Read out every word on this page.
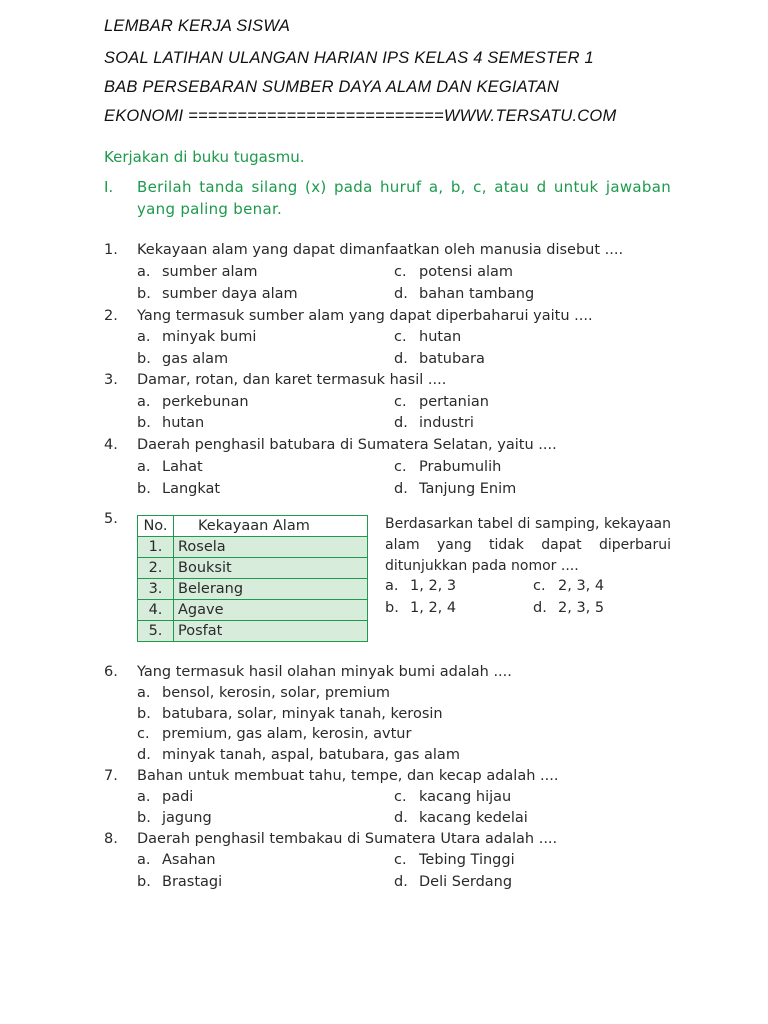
LEMBAR KERJA SISWA
SOAL LATIHAN ULANGAN HARIAN IPS KELAS 4 SEMESTER 1
BAB PERSEBARAN SUMBER DAYA ALAM DAN KEGIATAN
EKONOMI ==========================WWW.TERSATU.COM
Kerjakan di buku tugasmu.
I. Berilah tanda silang (x) pada huruf a, b, c, atau d untuk jawaban yang paling benar.
1. Kekayaan alam yang dapat dimanfaatkan oleh manusia disebut ....
a. sumber alam	c. potensi alam
b. sumber daya alam	d. bahan tambang
2. Yang termasuk sumber alam yang dapat diperbaharui yaitu ....
a. minyak bumi	c. hutan
b. gas alam	d. batubara
3. Damar, rotan, dan karet termasuk hasil ....
a. perkebunan	c. pertanian
b. hutan	d. industri
4. Daerah penghasil batubara di Sumatera Selatan, yaitu ....
a. Lahat	c. Prabumulih
b. Langkat	d. Tanjung Enim
5. No.	Kekayaan Alam
1.	Rosela
2.	Bouksit
3.	Belerang
4.	Agave
5.	Posfat
Berdasarkan tabel di samping, kekayaan alam yang tidak dapat diperbarui ditunjukkan pada nomor ....
a. 1, 2, 3	c. 2, 3, 4
b. 1, 2, 4	d. 2, 3, 5
6. Yang termasuk hasil olahan minyak bumi adalah ....
a. bensol, kerosin, solar, premium
b. batubara, solar, minyak tanah, kerosin
c. premium, gas alam, kerosin, avtur
d. minyak tanah, aspal, batubara, gas alam
7. Bahan untuk membuat tahu, tempe, dan kecap adalah ....
a. padi	c. kacang hijau
b. jagung	d. kacang kedelai
8. Daerah penghasil tembakau di Sumatera Utara adalah ....
a. Asahan	c. Tebing Tinggi
b. Brastagi	d. Deli Serdang
